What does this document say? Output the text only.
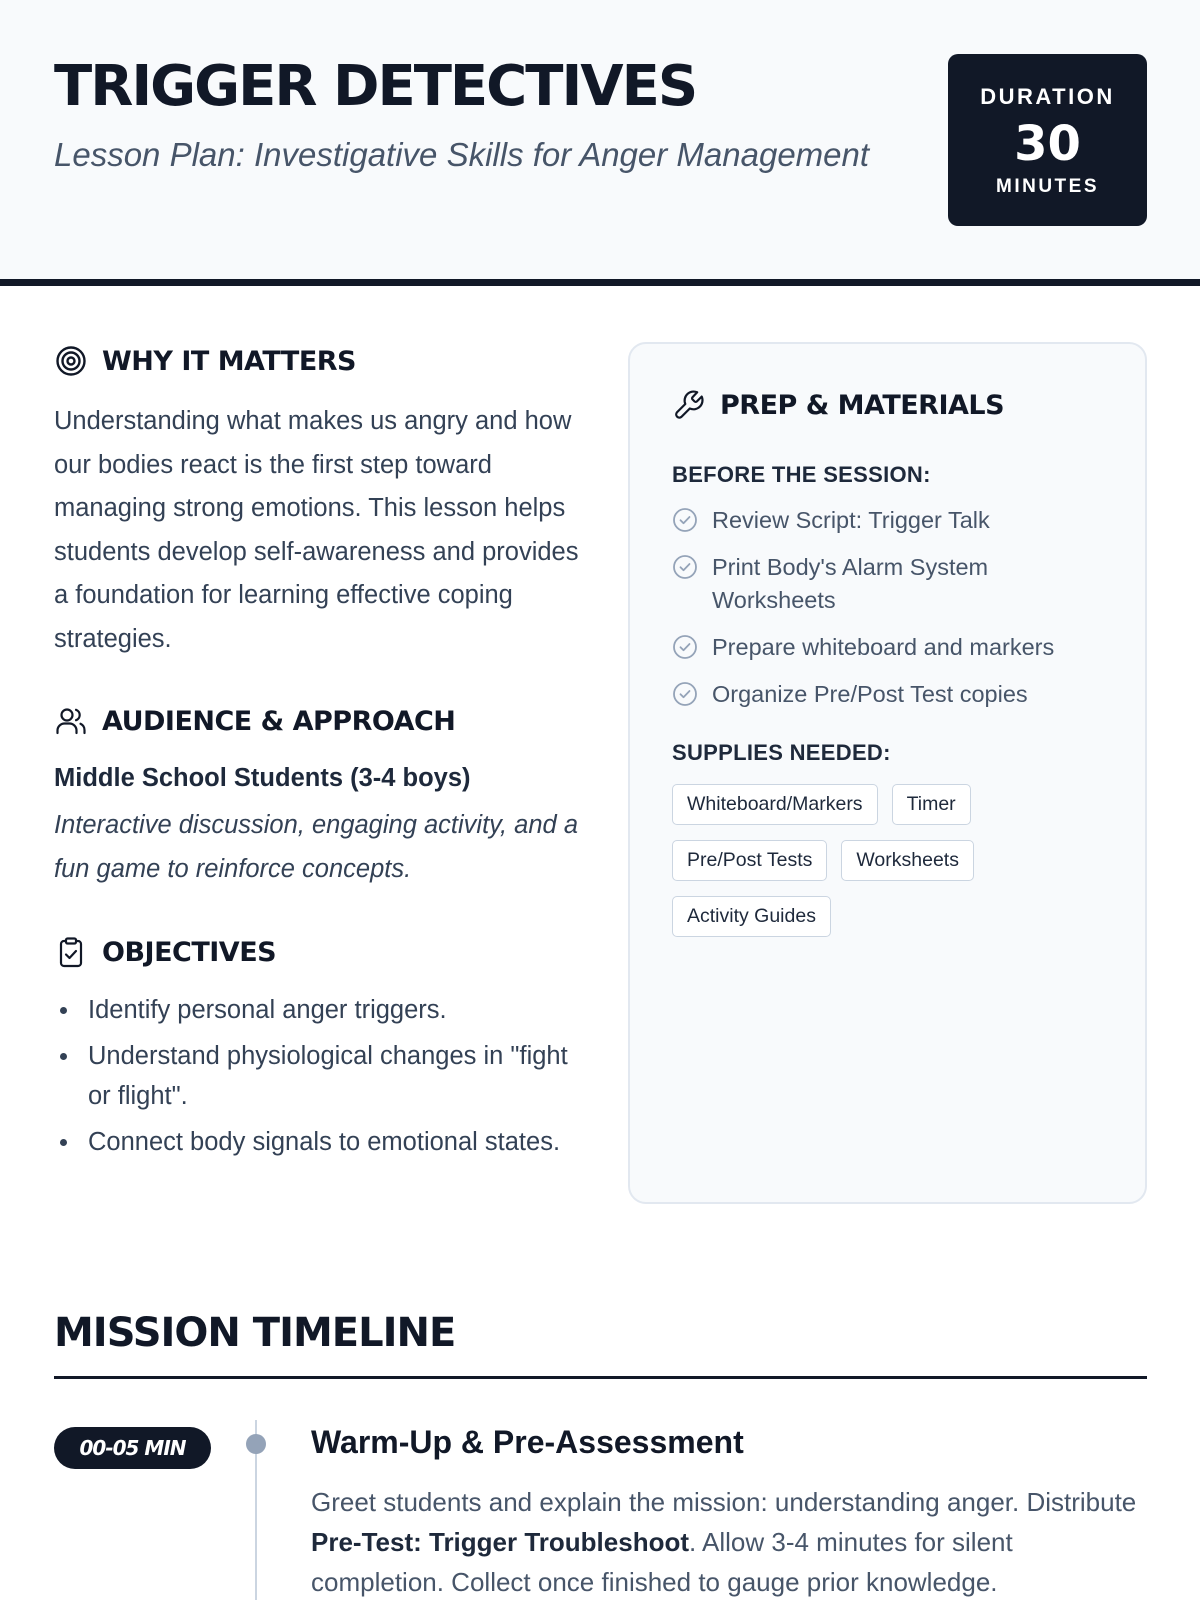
TRIGGER DETECTIVES
Lesson Plan: Investigative Skills for Anger Management
DURATION
30
MINUTES
WHY IT MATTERS

Understanding what makes us angry and how our bodies react is the first step toward managing strong emotions. This lesson helps students develop self-awareness and provides a foundation for learning effective coping strategies.

AUDIENCE & APPROACH
Middle School Students (3-4 boys)

Interactive discussion, engaging activity, and a fun game to reinforce concepts.

OBJECTIVES
Identify personal anger triggers.
Understand physiological changes in "fight or flight".
Connect body signals to emotional states.
PREP & MATERIALS
BEFORE THE SESSION:
Review Script: Trigger Talk
Print Body's Alarm System Worksheets
Prepare whiteboard and markers
Organize Pre/Post Test copies
SUPPLIES NEEDED:
Whiteboard/Markers	Timer
Pre/Post Tests	Worksheets
Activity Guides
MISSION TIMELINE
00-05 MIN	Warm-Up & Pre-Assessment

Greet students and explain the mission: understanding anger. Distribute Pre-Test: Trigger Troubleshoot. Allow 3-4 minutes for silent completion. Collect once finished to gauge prior knowledge.
